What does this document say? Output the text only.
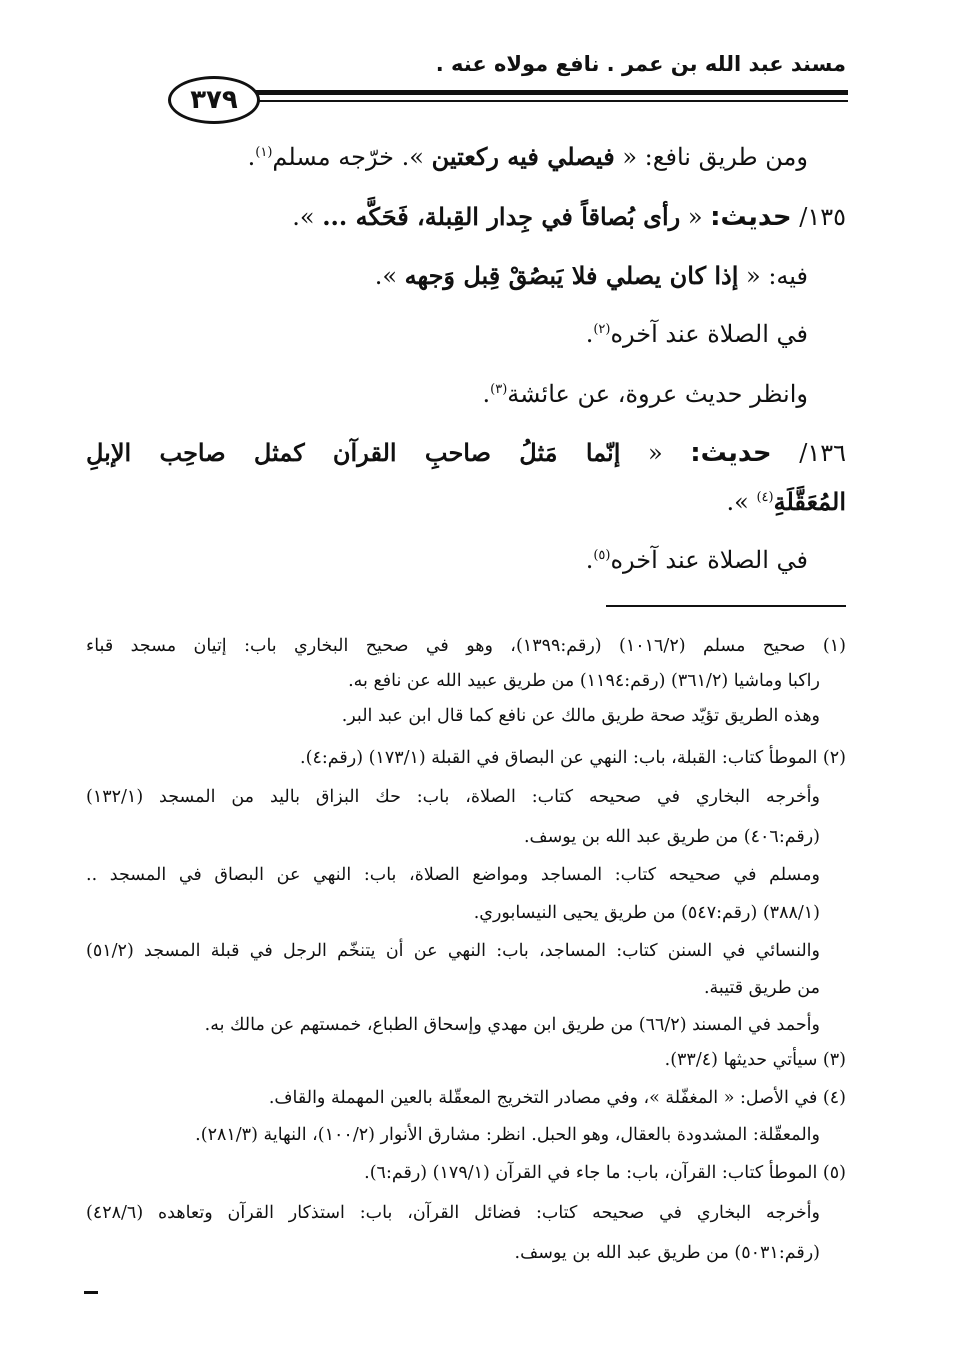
مسند عبد الله بن عمر . نافع مولاه عنه .
٣٧٩
ومن طريق نافع: « فيصلي فيه ركعتين ». خرّجه مسلم$^{(١)}$.
١٣٥/ حديث: « رأى بُصاقاً في جِدار القِبلة، فَحَكَّه ... ».
فيه: « إذا كان يصلي فلا يَبصُقْ قِبل وَجهه ».
في الصلاة عند آخره$^{(٢)}$.
وانظر حديث عروة، عن عائشة$^{(٣)}$.
١٣٦/ حديث: « إنّما مَثلُ صاحبِ القرآن كمثل صاحِب الإبلِ
المُعَقَّلَةِ$^{(٤)}$ ».
في الصلاة عند آخره$^{(٥)}$.
(١) صحيح مسلم (١٠١٦/٢) (رقم:١٣٩٩)، وهو في صحيح البخاري باب: إتيان مسجد قباء
راكبا وماشيا (٣٦١/٢) (رقم:١١٩٤) من طريق عبيد الله عن نافع به.
وهذه الطريق تؤيّد صحة طريق مالك عن نافع كما قال ابن عبد البر.
(٢) الموطأ كتاب: القبلة، باب: النهي عن البصاق في القبلة (١٧٣/١) (رقم:٤).
وأخرجه البخاري في صحيحه كتاب: الصلاة، باب: حك البزاق باليد من المسجد (١٣٢/١)
(رقم:٤٠٦) من طريق عبد الله بن يوسف.
ومسلم في صحيحه كتاب: المساجد ومواضع الصلاة، باب: النهي عن البصاق في المسجد ..
(٣٨٨/١) (رقم:٥٤٧) من طريق يحيى النيسابوري.
والنسائي في السنن كتاب: المساجد، باب: النهي عن أن يتنخّم الرجل في قبلة المسجد (٥١/٢)
من طريق قتيبة.
وأحمد في المسند (٦٦/٢) من طريق ابن مهدي وإسحاق الطباع، خمستهم عن مالك به.
(٣) سيأتي حديثها (٣٣/٤).
(٤) في الأصل: « المغفّلة »، وفي مصادر التخريج المعقّلة بالعين المهملة والقاف.
والمعقّلة: المشدودة بالعقال، وهو الحبل. انظر: مشارق الأنوار (١٠٠/٢)، النهاية (٢٨١/٣).
(٥) الموطأ كتاب: القرآن، باب: ما جاء في القرآن (١٧٩/١) (رقم:٦).
وأخرجه البخاري في صحيحه كتاب: فضائل القرآن، باب: استذكار القرآن وتعاهده (٤٢٨/٦)
(رقم:٥٠٣١) من طريق عبد الله بن يوسف.
